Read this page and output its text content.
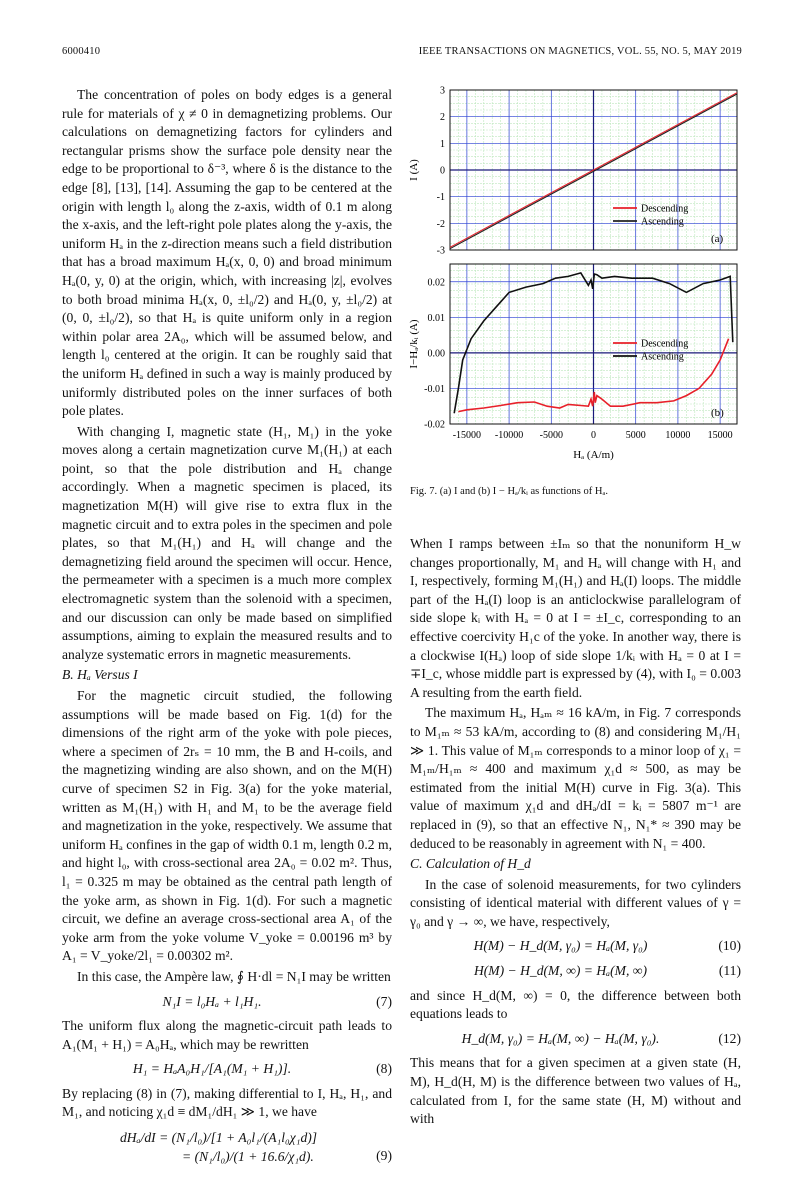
6000410	IEEE TRANSACTIONS ON MAGNETICS, VOL. 55, NO. 5, MAY 2019

The concentration of poles on body edges is a general rule for materials of χ ≠ 0 in demagnetizing problems. Our calculations on demagnetizing factors for cylinders and rectangular prisms show the surface pole density near the edge to be proportional to δ⁻³, where δ is the distance to the edge [8], [13], [14]. Assuming the gap to be centered at the origin with length l₀ along the z-axis, width of 0.1 m along the x-axis, and the left-right pole plates along the y-axis, the uniform Hₐ in the z-direction means such a field distribution that has a broad maximum Hₐ(x, 0, 0) and broad minimum Hₐ(0, y, 0) at the origin, which, with increasing |z|, evolves to both broad minima Hₐ(x, 0, ±l₀/2) and Hₐ(0, y, ±l₀/2) at (0, 0, ±l₀/2), so that Hₐ is quite uniform only in a region within polar area 2A₀, which will be assumed below, and length l₀ centered at the origin. It can be roughly said that the uniform Hₐ defined in such a way is mainly produced by uniformly distributed poles on the inner surfaces of both pole plates.

With changing I, magnetic state (H₁, M₁) in the yoke moves along a certain magnetization curve M₁(H₁) at each point, so that the pole distribution and Hₐ change accordingly. When a magnetic specimen is placed, its magnetization M(H) will give rise to extra flux in the magnetic circuit and to extra poles in the specimen and pole plates, so that M₁(H₁) and Hₐ will change and the demagnetizing field around the specimen will occur. Hence, the permeameter with a specimen is a much more complex electromagnetic system than the solenoid with a specimen, and our discussion can only be made based on simplified assumptions, aiming to explain the measured results and to analyze systematic errors in magnetic measurements.

B. Hₐ Versus I

For the magnetic circuit studied, the following assumptions will be made based on Fig. 1(d) for the dimensions of the right arm of the yoke with pole pieces, where a specimen of 2rₛ = 10 mm, the B and H-coils, and the magnetizing winding are also shown, and on the M(H) curve of specimen S2 in Fig. 3(a) for the yoke material, written as M₁(H₁) with H₁ and M₁ to be the average field and magnetization in the yoke, respectively. We assume that uniform Hₐ confines in the gap of width 0.1 m, length 0.2 m, and hight l₀, with cross-sectional area 2A₀ = 0.02 m². Thus, l₁ = 0.325 m may be obtained as the central path length of the yoke arm, as shown in Fig. 1(d). For such a magnetic circuit, we define an average cross-sectional area A₁ of the yoke arm from the yoke volume V_yoke = 0.00196 m³ by A₁ = V_yoke/2l₁ = 0.00302 m².

In this case, the Ampère law, ∮ H·dl = N₁I may be written

N₁I = l₀Hₐ + l₁H₁.	(7)

The uniform flux along the magnetic-circuit path leads to A₁(M₁ + H₁) = A₀Hₐ, which may be rewritten

H₁ = HₐA₀H₁/[A₁(M₁ + H₁)].	(8)

By replacing (8) in (7), making differential to I, Hₐ, H₁, and M₁, and noticing χ₁d ≡ dM₁/dH₁ ≫ 1, we have

dHₐ/dI = (N₁/l₀)/[1 + A₀l₁/(A₁l₀χ₁d)]
= (N₁/l₀)/(1 + 16.6/χ₁d).	(9)
-3
-2
-1
0
1
2
3
I (A)
Descending
Ascending
(a)
-0.02
-0.01
0.00
0.01
0.02
I−Hₐ/kᵢ (A)	Descending
Ascending
(b)
-15000 -10000 -5000	0	5000 10000 15000
Hₐ (A/m)
Fig. 7. (a) I and (b) I − Hₐ/kᵢ as functions of Hₐ.

When I ramps between ±Iₘ so that the nonuniform H_w changes proportionally, M₁ and Hₐ will change with H₁ and I, respectively, forming M₁(H₁) and Hₐ(I) loops. The middle part of the Hₐ(I) loop is an anticlockwise parallelogram of side slope kᵢ with Hₐ = 0 at I = ±I_c, corresponding to an effective coercivity H₁c of the yoke. In another way, there is a clockwise I(Hₐ) loop of side slope 1/kᵢ with Hₐ = 0 at I = ∓I_c, whose middle part is expressed by (4), with I₀ = 0.003 A resulting from the earth field.

The maximum Hₐ, Hₐₘ ≈ 16 kA/m, in Fig. 7 corresponds to M₁ₘ ≈ 53 kA/m, according to (8) and considering M₁/H₁ ≫ 1. This value of M₁ₘ corresponds to a minor loop of χ₁ = M₁ₘ/H₁ₘ ≈ 400 and maximum χ₁d ≈ 500, as may be estimated from the initial M(H) curve in Fig. 3(a). This value of maximum χ₁d and dHₐ/dI = kᵢ = 5807 m⁻¹ are replaced in (9), so that an effective N₁, N₁* ≈ 390 may be deduced to be reasonably in agreement with N₁ = 400.

C. Calculation of H_d

In the case of solenoid measurements, for two cylinders consisting of identical material with different values of γ = γ₀ and γ → ∞, we have, respectively,

H(M) − H_d(M, γ₀) = Hₐ(M, γ₀)	(10)
H(M) − H_d(M, ∞) = Hₐ(M, ∞)	(11)

and since H_d(M, ∞) = 0, the difference between both equations leads to

H_d(M, γ₀) = Hₐ(M, ∞) − Hₐ(M, γ₀).	(12)

This means that for a given specimen at a given state (H, M), H_d(H, M) is the difference between two values of Hₐ, calculated from I, for the same state (H, M) without and with
